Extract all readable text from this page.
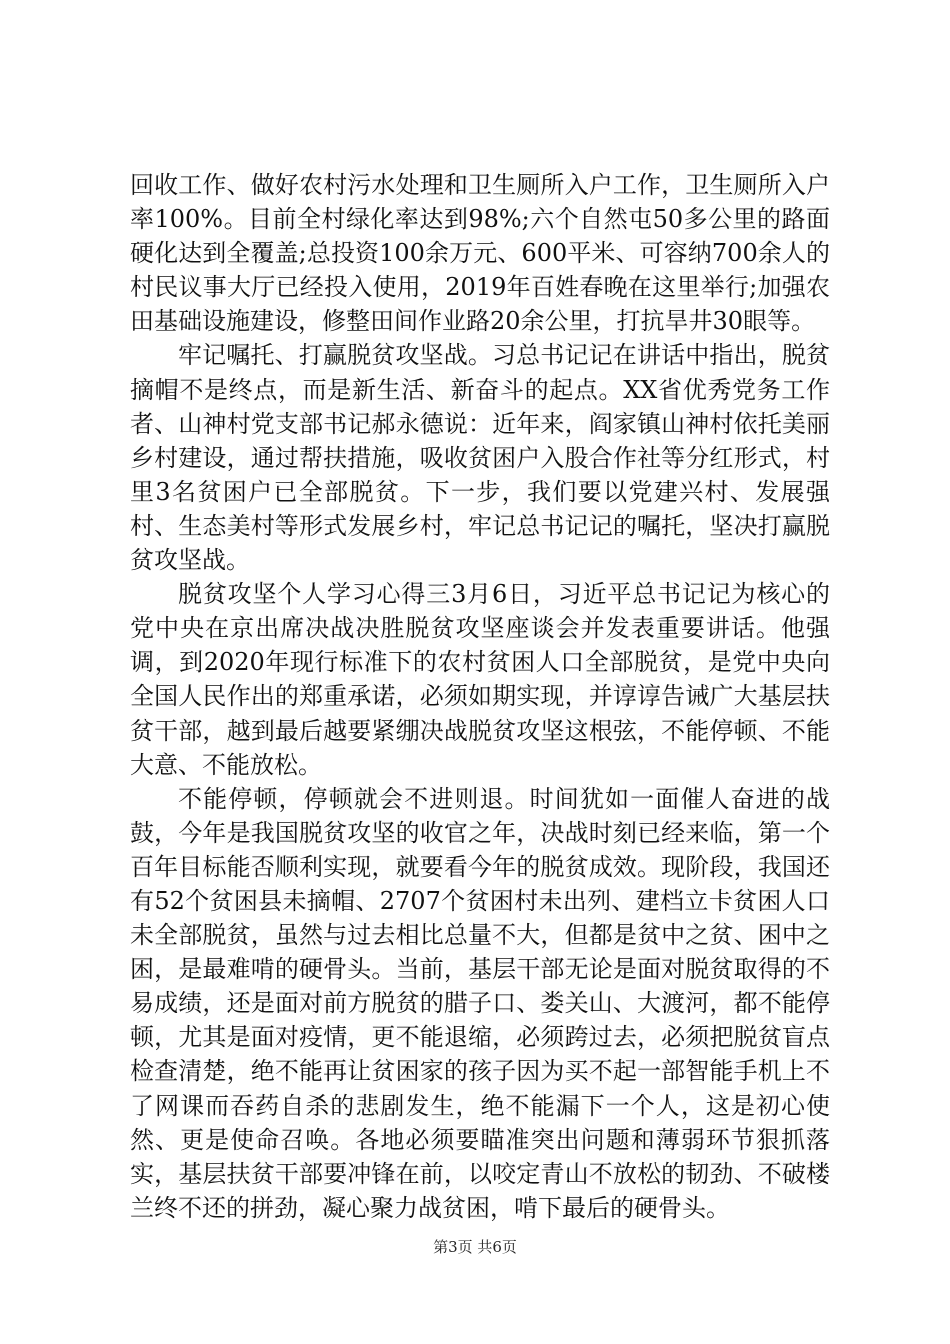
回收工作、做好农村污水处理和卫生厕所入户工作，卫生厕所入户率100%。目前全村绿化率达到98%;六个自然屯50多公里的路面硬化达到全覆盖;总投资100余万元、600平米、可容纳700余人的村民议事大厅已经投入使用，2019年百姓春晚在这里举行;加强农田基础设施建设，修整田间作业路20余公里，打抗旱井30眼等。

牢记嘱托、打赢脱贫攻坚战。习总书记记在讲话中指出，脱贫摘帽不是终点，而是新生活、新奋斗的起点。XX省优秀党务工作者、山神村党支部书记郝永德说：近年来，阎家镇山神村依托美丽乡村建设，通过帮扶措施，吸收贫困户入股合作社等分红形式，村里3名贫困户已全部脱贫。下一步，我们要以党建兴村、发展强村、生态美村等形式发展乡村，牢记总书记记的嘱托，坚决打赢脱贫攻坚战。

脱贫攻坚个人学习心得三3月6日，习近平总书记记为核心的党中央在京出席决战决胜脱贫攻坚座谈会并发表重要讲话。他强调，到2020年现行标准下的农村贫困人口全部脱贫，是党中央向全国人民作出的郑重承诺，必须如期实现，并谆谆告诫广大基层扶贫干部，越到最后越要紧绷决战脱贫攻坚这根弦，不能停顿、不能大意、不能放松。

不能停顿，停顿就会不进则退。时间犹如一面催人奋进的战鼓，今年是我国脱贫攻坚的收官之年，决战时刻已经来临，第一个百年目标能否顺利实现，就要看今年的脱贫成效。现阶段，我国还有52个贫困县未摘帽、2707个贫困村未出列、建档立卡贫困人口未全部脱贫，虽然与过去相比总量不大，但都是贫中之贫、困中之困，是最难啃的硬骨头。当前，基层干部无论是面对脱贫取得的不易成绩，还是面对前方脱贫的腊子口、娄关山、大渡河，都不能停顿，尤其是面对疫情，更不能退缩，必须跨过去，必须把脱贫盲点检查清楚，绝不能再让贫困家的孩子因为买不起一部智能手机上不了网课而吞药自杀的悲剧发生，绝不能漏下一个人，这是初心使然、更是使命召唤。各地必须要瞄准突出问题和薄弱环节狠抓落实，基层扶贫干部要冲锋在前，以咬定青山不放松的韧劲、不破楼兰终不还的拼劲，凝心聚力战贫困，啃下最后的硬骨头。

第3页 共6页
